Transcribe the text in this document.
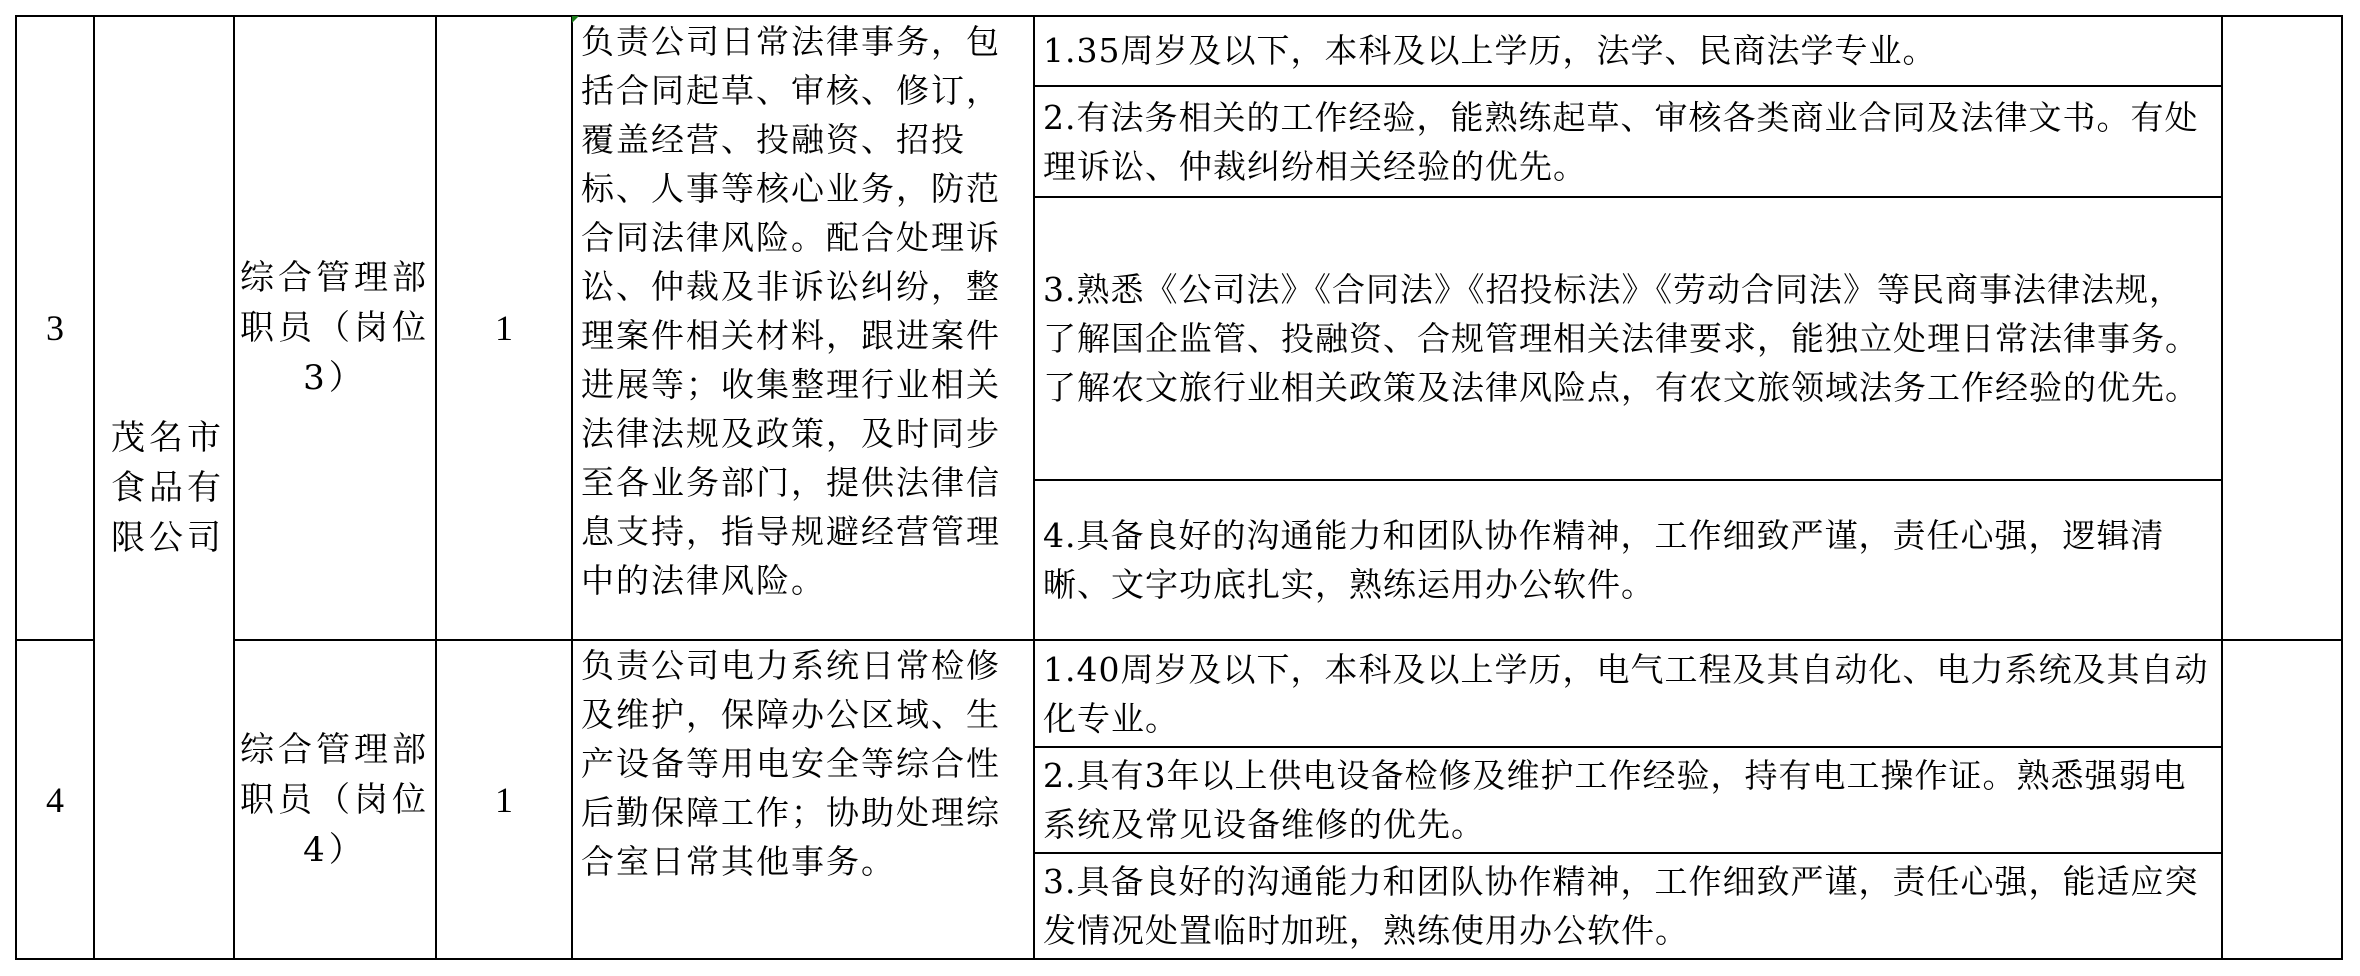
3	茂名市食品有限公司	综合管理部职员（岗位3）	1	负责公司日常法律事务，包括合同起草、审核、修订，覆盖经营、投融资、招投标、人事等核心业务，防范合同法律风险。配合处理诉讼、仲裁及非诉讼纠纷，整理案件相关材料，跟进案件进展等；收集整理行业相关法律法规及政策，及时同步至各业务部门，提供法律信息支持，指导规避经营管理中的法律风险。	1.35周岁及以下，本科及以上学历，法学、民商法学专业。	
					2.有法务相关的工作经验，能熟练起草、审核各类商业合同及法律文书。有处理诉讼、仲裁纠纷相关经验的优先。	
					3.熟悉《公司法》《合同法》《招投标法》《劳动合同法》等民商事法律法规，了解国企监管、投融资、合规管理相关法律要求，能独立处理日常法律事务。了解农文旅行业相关政策及法律风险点，有农文旅领域法务工作经验的优先。	
					4.具备良好的沟通能力和团队协作精神，工作细致严谨，责任心强，逻辑清晰、文字功底扎实，熟练运用办公软件。	
4		综合管理部职员（岗位4）	1	负责公司电力系统日常检修及维护，保障办公区域、生产设备等用电安全等综合性后勤保障工作；协助处理综合室日常其他事务。	1.40周岁及以下，本科及以上学历，电气工程及其自动化、电力系统及其自动化专业。	
					2.具有3年以上供电设备检修及维护工作经验，持有电工操作证。熟悉强弱电系统及常见设备维修的优先。	
					3.具备良好的沟通能力和团队协作精神，工作细致严谨，责任心强，能适应突发情况处置临时加班，熟练使用办公软件。	
